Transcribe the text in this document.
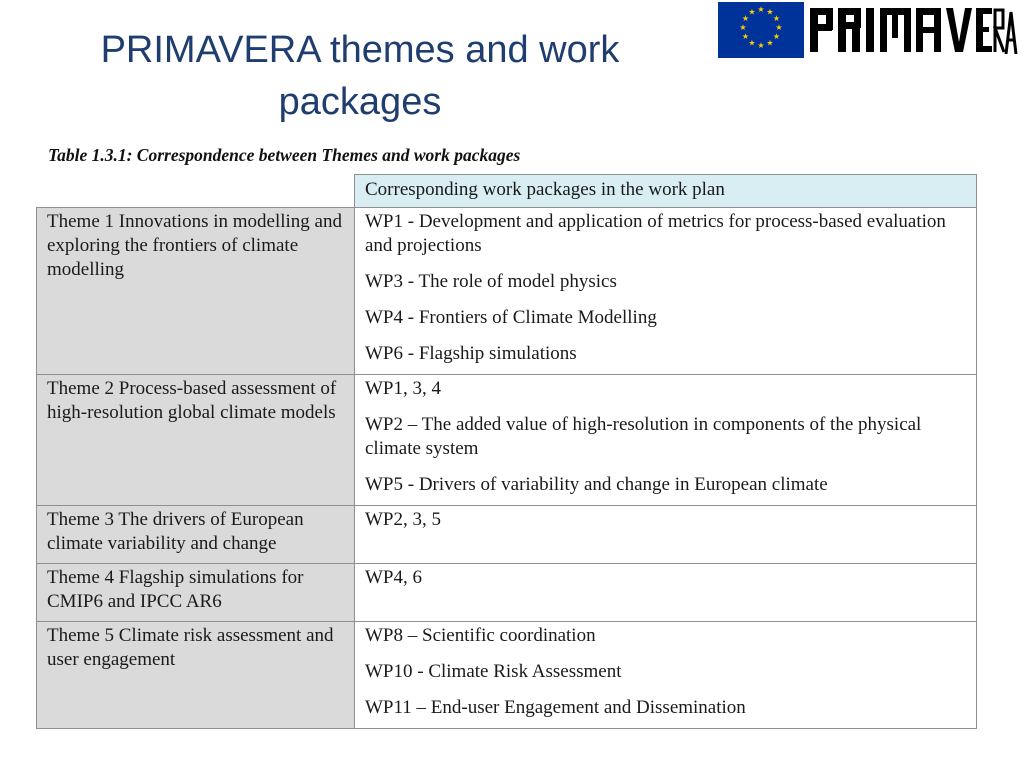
PRIMAVERA themes and work
packages
★ ★
★
★
★
★
★
★
★
★
★
★
Table 1.3.1: Correspondence between Themes and work packages
	Corresponding work packages in the work plan
Theme 1 Innovations in modelling and exploring the frontiers of climate modelling	WP1 - Development and application of metrics for process-based evaluation and projections
WP3 - The role of model physics
WP4 - Frontiers of Climate Modelling
WP6 - Flagship simulations

Theme 2 Process-based assessment of high-resolution global climate models	WP1, 3, 4
WP2 – The added value of high-resolution in components of the physical climate system
WP5 - Drivers of variability and change in European climate

Theme 3 The drivers of European climate variability and change	WP2, 3, 5

Theme 4 Flagship simulations for CMIP6 and IPCC AR6	WP4, 6

Theme 5 Climate risk assessment and user engagement	WP8 – Scientific coordination
WP10 - Climate Risk Assessment
WP11 – End-user Engagement and Dissemination
